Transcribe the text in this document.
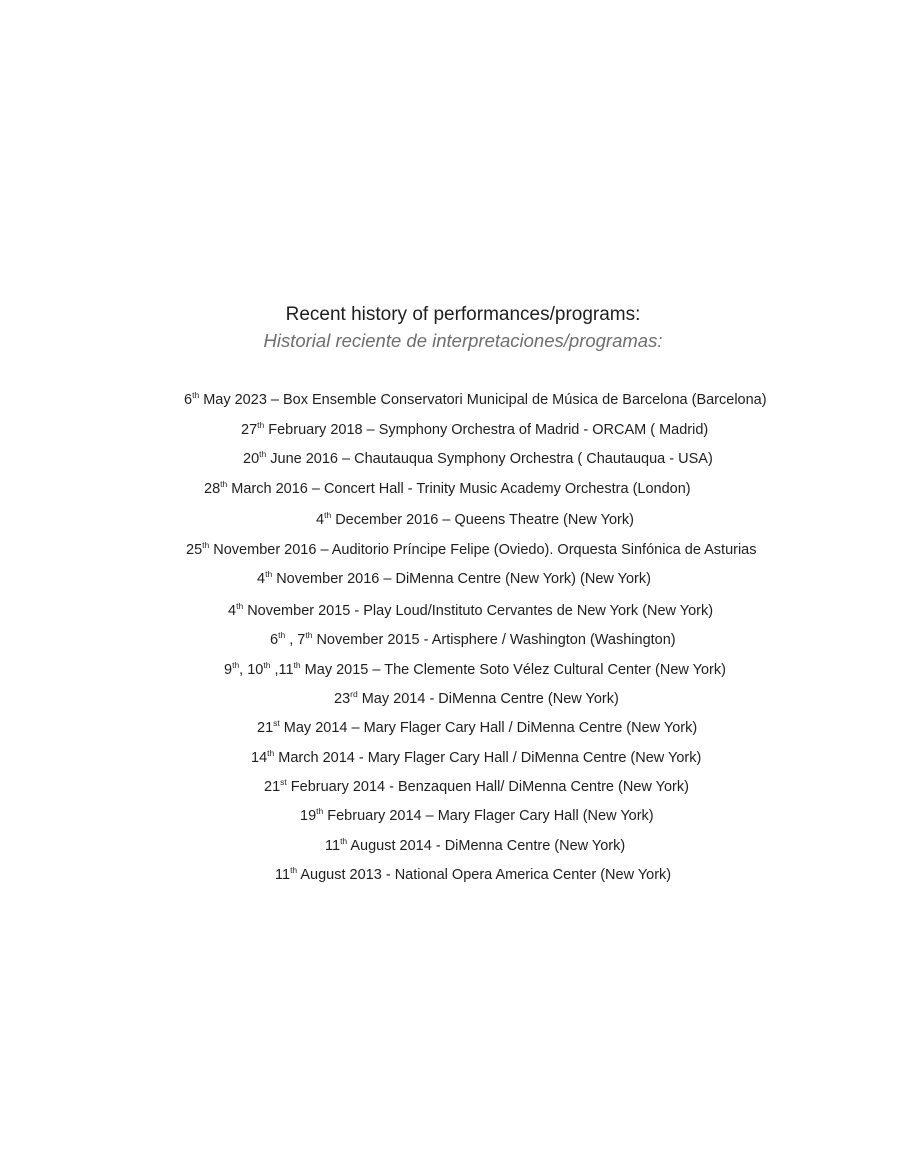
Recent history of performances/programs:
Historial reciente de interpretaciones/programas:
6th May 2023 – Box Ensemble Conservatori Municipal de Música de Barcelona (Barcelona)
27th February 2018 – Symphony Orchestra of Madrid - ORCAM ( Madrid)
20th June 2016 – Chautauqua Symphony Orchestra ( Chautauqua - USA)
28th March 2016 – Concert Hall - Trinity Music Academy Orchestra (London)
4th December 2016 – Queens Theatre (New York)
25th November 2016 – Auditorio Príncipe Felipe (Oviedo). Orquesta Sinfónica de Asturias
4th November 2016 – DiMenna Centre (New York) (New York)
4th November 2015 - Play Loud/Instituto Cervantes de New York (New York)
6th , 7th November 2015 - Artisphere / Washington (Washington)
9th, 10th ,11th May 2015 – The Clemente Soto Vélez Cultural Center (New York)
23rd May 2014 - DiMenna Centre (New York)
21st May 2014 – Mary Flager Cary Hall / DiMenna Centre (New York)
14th March 2014 - Mary Flager Cary Hall / DiMenna Centre (New York)
21st February 2014 - Benzaquen Hall/ DiMenna Centre (New York)
19th February 2014 – Mary Flager Cary Hall (New York)
11th August 2014 - DiMenna Centre (New York)
11th August 2013 - National Opera America Center (New York)
